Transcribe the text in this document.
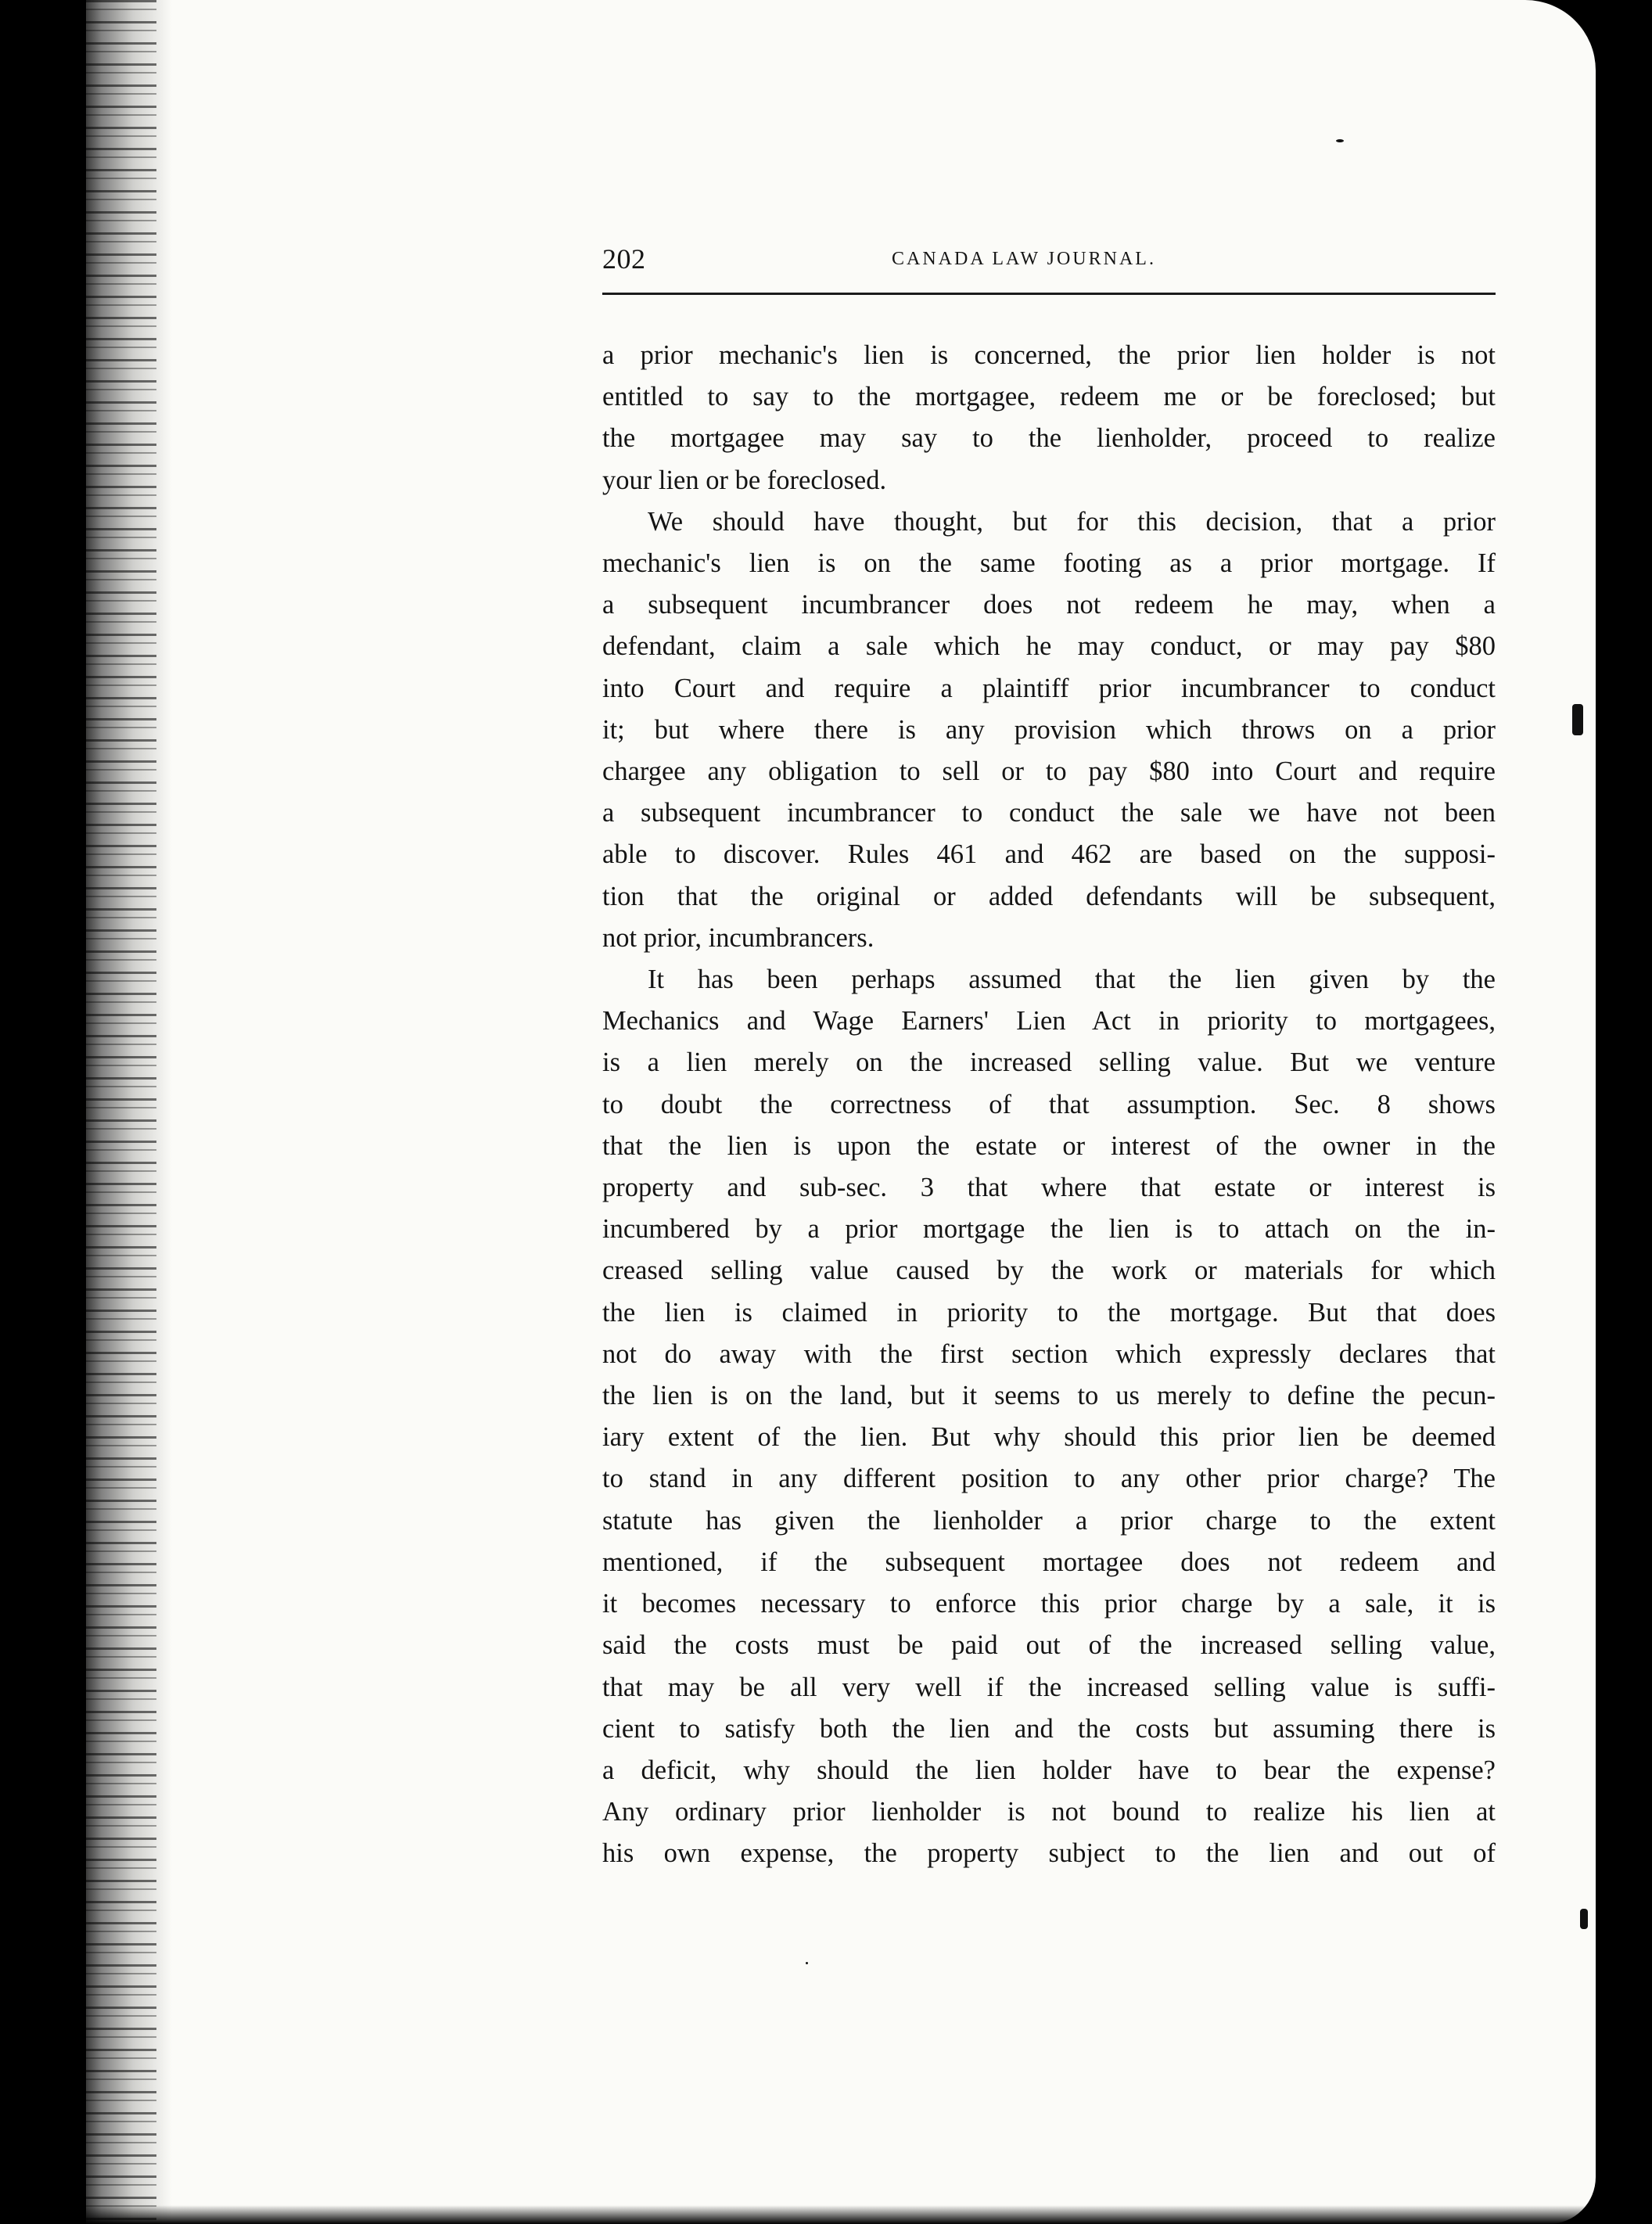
202	CANADA LAW JOURNAL.

a prior mechanic's lien is concerned, the prior lien holder is not
entitled to say to the mortgagee, redeem me or be foreclosed; but
the mortgagee may say to the lienholder, proceed to realize
your lien or be foreclosed.

We should have thought, but for this decision, that a prior
mechanic's lien is on the same footing as a prior mortgage. If
a subsequent incumbrancer does not redeem he may, when a
defendant, claim a sale which he may conduct, or may pay $80
into Court and require a plaintiff prior incumbrancer to conduct
it; but where there is any provision which throws on a prior
chargee any obligation to sell or to pay $80 into Court and require
a subsequent incumbrancer to conduct the sale we have not been
able to discover. Rules 461 and 462 are based on the supposi-
tion that the original or added defendants will be subsequent,
not prior, incumbrancers.

It has been perhaps assumed that the lien given by the
Mechanics and Wage Earners' Lien Act in priority to mortgagees,
is a lien merely on the increased selling value. But we venture
to doubt the correctness of that assumption. Sec. 8 shows
that the lien is upon the estate or interest of the owner in the
property and sub-sec. 3 that where that estate or interest is
incumbered by a prior mortgage the lien is to attach on the in-
creased selling value caused by the work or materials for which
the lien is claimed in priority to the mortgage. But that does
not do away with the first section which expressly declares that
the lien is on the land, but it seems to us merely to define the pecun-
iary extent of the lien. But why should this prior lien be deemed
to stand in any different position to any other prior charge? The
statute has given the lienholder a prior charge to the extent
mentioned, if the subsequent mortagee does not redeem and
it becomes necessary to enforce this prior charge by a sale, it is
said the costs must be paid out of the increased selling value,
that may be all very well if the increased selling value is suffi-
cient to satisfy both the lien and the costs but assuming there is
a deficit, why should the lien holder have to bear the expense?
Any ordinary prior lienholder is not bound to realize his lien at
his own expense, the property subject to the lien and out of
